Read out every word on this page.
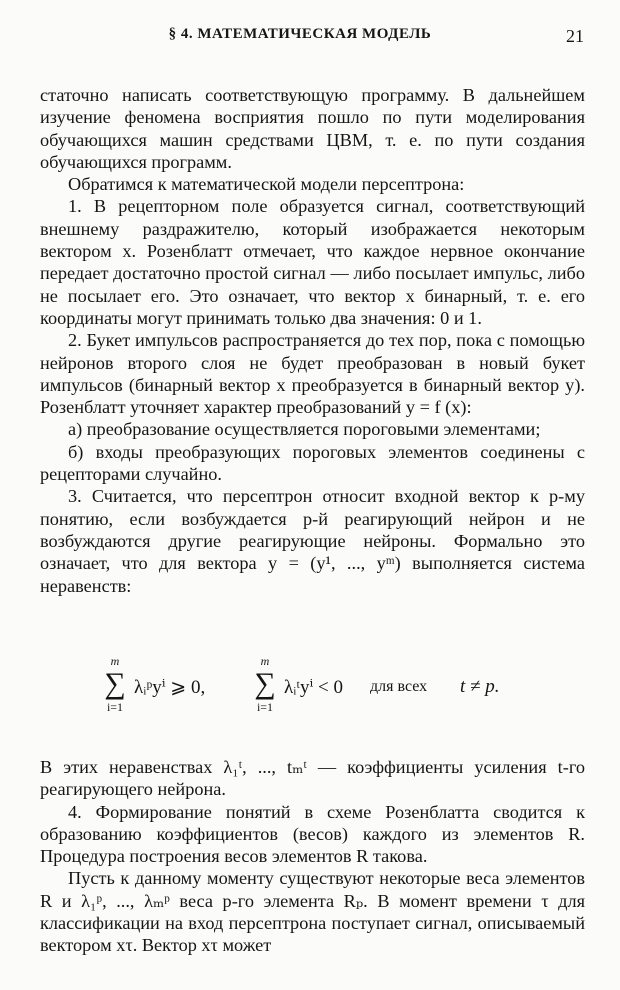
§ 4. МАТЕМАТИЧЕСКАЯ МОДЕЛЬ	21

статочно написать соответствующую программу. В дальнейшем изучение феномена восприятия пошло по пути моделирования обучающихся машин средствами ЦВМ, т. е. по пути создания обучающихся программ.

Обратимся к математической модели персептрона:

1. В рецепторном поле образуется сигнал, соответствующий внешнему раздражителю, который изображается некоторым вектором x. Розенблатт отмечает, что каждое нервное окончание передает достаточно простой сигнал — либо посылает импульс, либо не посылает его. Это означает, что вектор x бинарный, т. е. его координаты могут принимать только два значения: 0 и 1.

2. Букет импульсов распространяется до тех пор, пока с помощью нейронов второго слоя не будет преобразован в новый букет импульсов (бинарный вектор x преобразуется в бинарный вектор y). Розенблатт уточняет характер преобразований y = f (x):

а) преобразование осуществляется пороговыми элементами;

б) входы преобразующих пороговых элементов соединены с рецепторами случайно.

3. Считается, что персептрон относит входной вектор к p-му понятию, если возбуждается p-й реагирующий нейрон и не возбуждаются другие реагирующие нейроны. Формально это означает, что для вектора y = (y¹, ..., yᵐ) выполняется система неравенств:

m
∑
i=1
λᵢᵖyⁱ ⩾ 0,
m
∑
i=1
λᵢᵗyⁱ < 0 для всех t ≠ p.

В этих неравенствах λ₁ᵗ, ..., tₘᵗ — коэффициенты усиления t-го реагирующего нейрона.

4. Формирование понятий в схеме Розенблатта сводится к образованию коэффициентов (весов) каждого из элементов R. Процедура построения весов элементов R такова.

Пусть к данному моменту существуют некоторые веса элементов R и λ₁ᵖ, ..., λₘᵖ веса p-го элемента Rₚ. В момент времени τ для классификации на вход персептрона поступает сигнал, описываемый вектором xτ. Вектор xτ может
